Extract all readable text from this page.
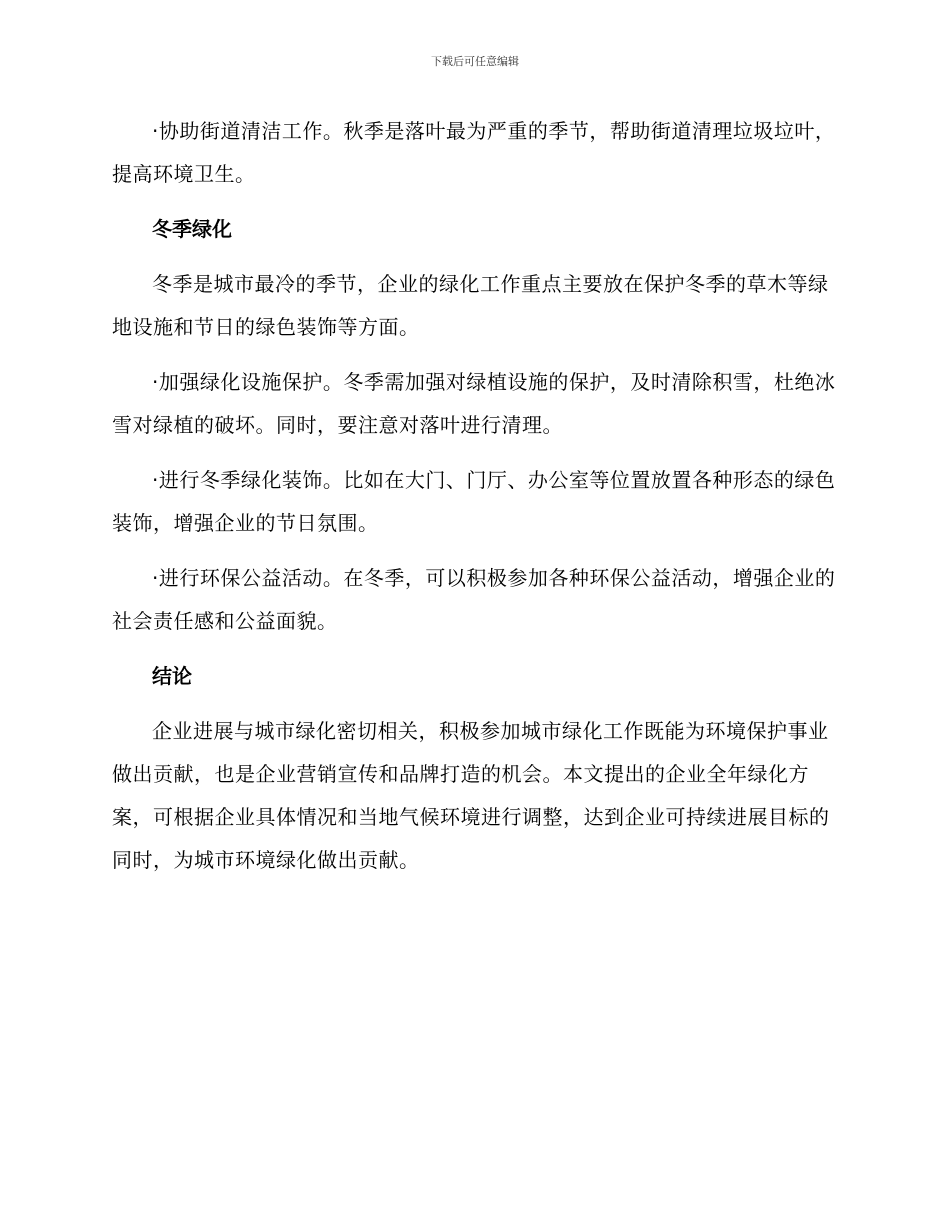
下载后可任意编辑

·协助街道清洁工作。秋季是落叶最为严重的季节，帮助街道清理垃圾垃叶，提高环境卫生。

冬季绿化

冬季是城市最冷的季节，企业的绿化工作重点主要放在保护冬季的草木等绿地设施和节日的绿色装饰等方面。

·加强绿化设施保护。冬季需加强对绿植设施的保护，及时清除积雪，杜绝冰雪对绿植的破坏。同时，要注意对落叶进行清理。

·进行冬季绿化装饰。比如在大门、门厅、办公室等位置放置各种形态的绿色装饰，增强企业的节日氛围。

·进行环保公益活动。在冬季，可以积极参加各种环保公益活动，增强企业的社会责任感和公益面貌。

结论

企业进展与城市绿化密切相关，积极参加城市绿化工作既能为环境保护事业做出贡献，也是企业营销宣传和品牌打造的机会。本文提出的企业全年绿化方案，可根据企业具体情况和当地气候环境进行调整，达到企业可持续进展目标的同时，为城市环境绿化做出贡献。
